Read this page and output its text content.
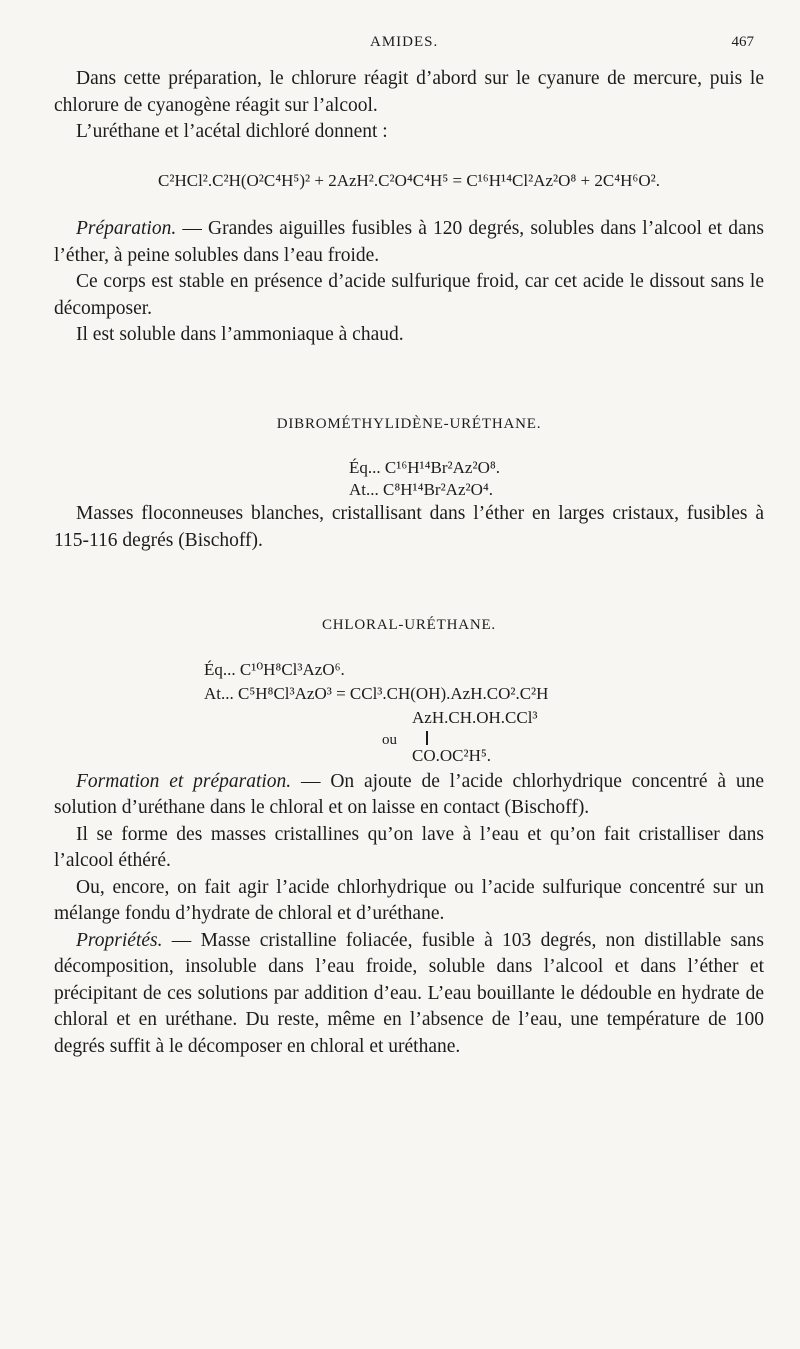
AMIDES.	467

Dans cette préparation, le chlorure réagit d’abord sur le cyanure de mercure, puis le chlorure de cyanogène réagit sur l’alcool.

L’uréthane et l’acétal dichloré donnent :

C²HCl².C²H(O²C⁴H⁵)² + 2AzH².C²O⁴C⁴H⁵ = C¹⁶H¹⁴Cl²Az²O⁸ + 2C⁴H⁶O².

Préparation. — Grandes aiguilles fusibles à 120 degrés, solubles dans l’alcool et dans l’éther, à peine solubles dans l’eau froide.

Ce corps est stable en présence d’acide sulfurique froid, car cet acide le dissout sans le décomposer.

Il est soluble dans l’ammoniaque à chaud.

DIBROMÉTHYLIDÈNE-URÉTHANE.
Éq... C¹⁶H¹⁴Br²Az²O⁸.
At... C⁸H¹⁴Br²Az²O⁴.

Masses floconneuses blanches, cristallisant dans l’éther en larges cristaux, fusibles à 115-116 degrés (Bischoff).

CHLORAL-URÉTHANE.
Éq... C¹⁰H⁸Cl³AzO⁶.
At... C⁵H⁸Cl³AzO³ = CCl³.CH(OH).AzH.CO².C²H
AzH.CH.OH.CCl³
ou
CO.OC²H⁵.

Formation et préparation. — On ajoute de l’acide chlorhydrique concentré à une solution d’uréthane dans le chloral et on laisse en contact (Bischoff).

Il se forme des masses cristallines qu’on lave à l’eau et qu’on fait cristalliser dans l’alcool éthéré.

Ou, encore, on fait agir l’acide chlorhydrique ou l’acide sulfurique concentré sur un mélange fondu d’hydrate de chloral et d’uréthane.

Propriétés. — Masse cristalline foliacée, fusible à 103 degrés, non distillable sans décomposition, insoluble dans l’eau froide, soluble dans l’alcool et dans l’éther et précipitant de ces solutions par addition d’eau. L’eau bouillante le dédouble en hydrate de chloral et en uréthane. Du reste, même en l’absence de l’eau, une température de 100 degrés suffit à le décomposer en chloral et uréthane.
